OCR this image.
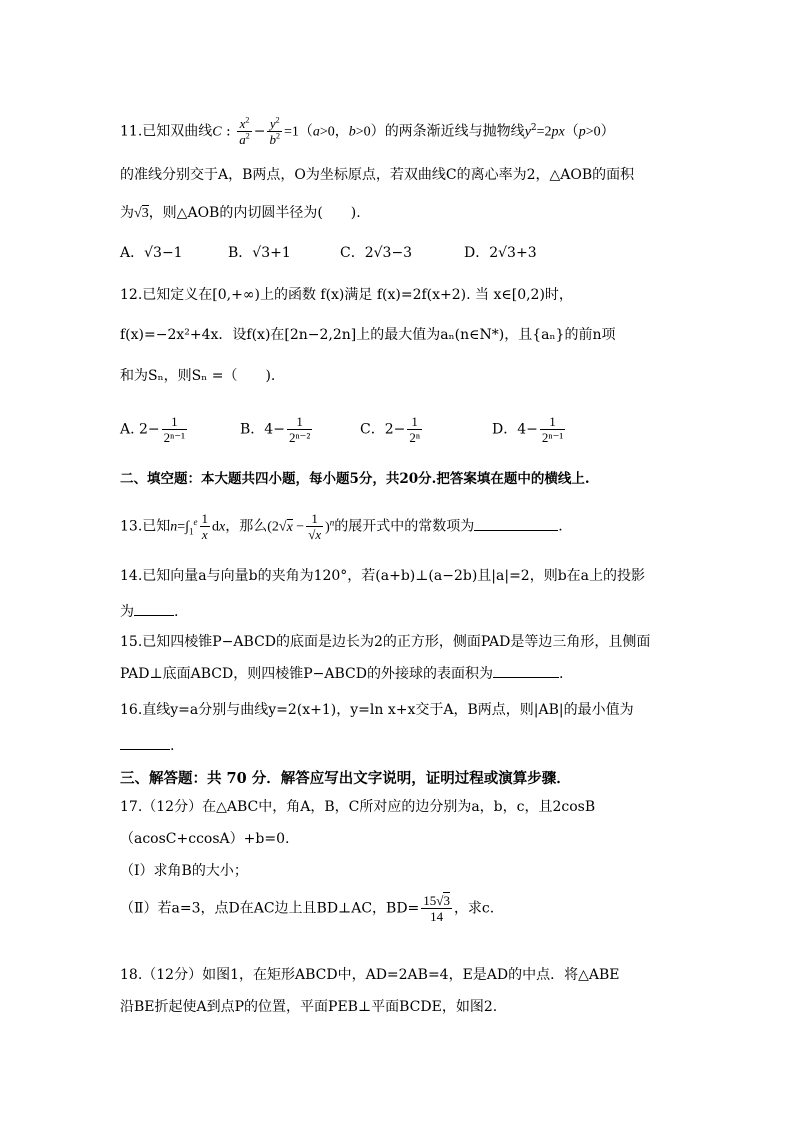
11.已知双曲线C : $\frac{x^2}{a^2} - \frac{y^2}{b^2} =1(a>0$，b>0）的两条渐近线与抛物线$y^2=2px(p>0)$
的准线分别交于A，B两点，O为坐标原点，若双曲线C的离心率为2，△AOB的面积
为√3，则△AOB的内切圆半径为(　　).
A．√3−1	B．√3+1	C．2√3−3	D．2√3+3
12.已知定义在[0,+∞)上的函数 f(x)满足 f(x)=2f(x+2). 当 x∈[0,2)时，
f(x)=−2x²+4x．设f(x)在[2n−2,2n]上的最大值为aₙ(n∈N*)，且{aₙ}的前n项
和为Sₙ，则Sₙ =（　　).
A. $2- \frac{1}{\text{2ⁿ⁻¹}}$	B．$4- \frac{1}{\text{2ⁿ⁻²}}$	C．$2- \frac{1}{\text{2ⁿ}}$	D．$4- \frac{1}{\text{2ⁿ⁻¹}}$
二、填空题：本大题共四小题，每小题5分，共20分.把答案填在题中的横线上.
13.已知$n=\int_1^e \frac{1}{x}$ dx，那么$(2√x - \frac{1}{√x} )^n$的展开式中的常数项为	.
14.已知向量a与向量b的夹角为120°，若(a+b)⊥(a−2b)且|a|=2，则b在a上的投影
为	.
15.已知四棱锥P−ABCD的底面是边长为2的正方形，侧面PAD是等边三角形，且侧面
PAD⊥底面ABCD，则四棱锥P−ABCD的外接球的表面积为	.
16.直线y=a分别与曲线y=2(x+1)，y=ln x+x交于A，B两点，则|AB|的最小值为
.
三、解答题：共 70 分．解答应写出文字说明，证明过程或演算步骤．
17.（12分）在△ABC中，角A，B，C所对应的边分别为a，b，c，且2cosB
（acosC+ccosA）+b=0.
（Ⅰ）求角B的大小；
（Ⅱ）若a=3，点D在AC边上且BD⊥AC，$BD= \frac{15√3}{14}$ ，求c.
18.（12分）如图1，在矩形ABCD中，AD=2AB=4，E是AD的中点．将△ABE
沿BE折起使A到点P的位置，平面PEB⊥平面BCDE，如图2.
